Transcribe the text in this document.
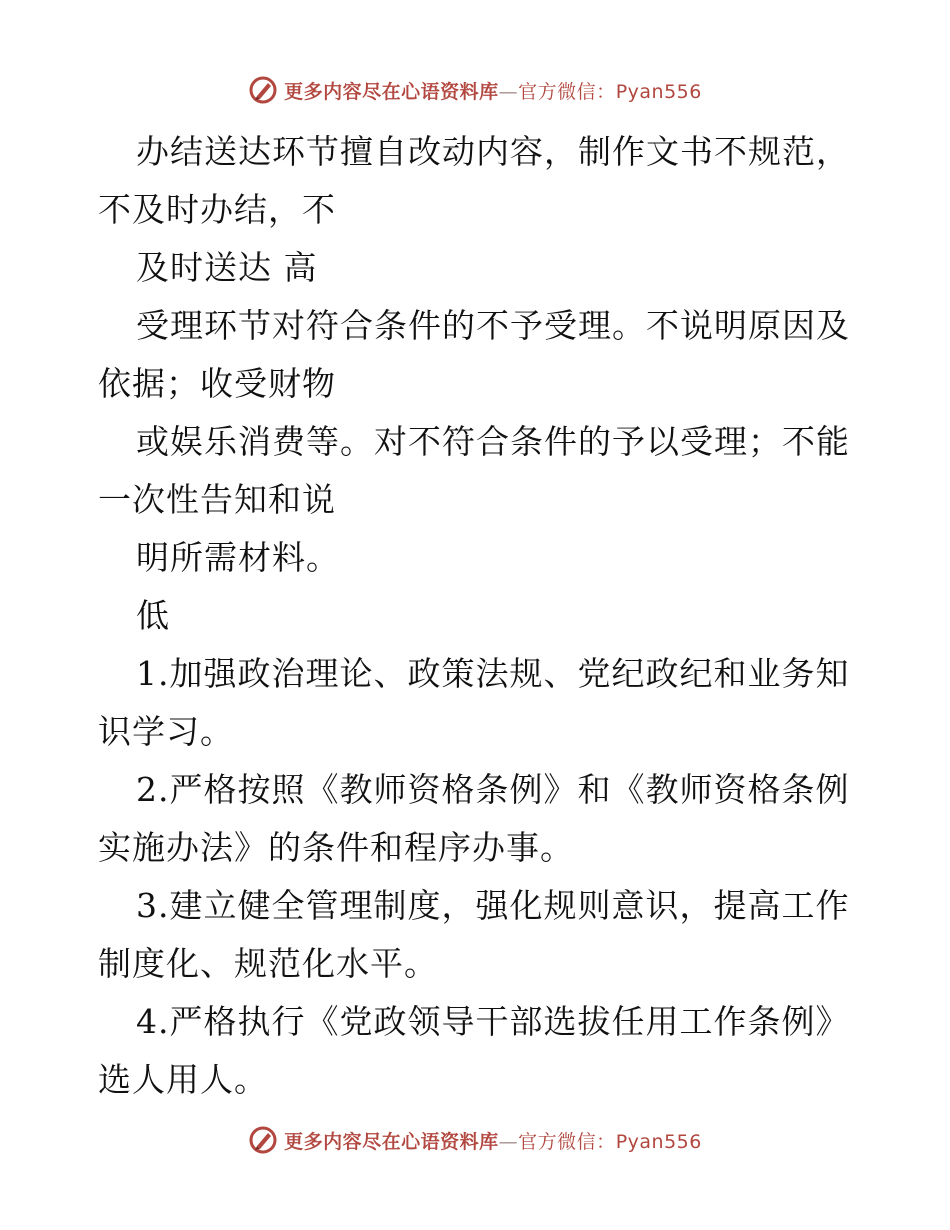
更多内容尽在心语资料库—官方微信：Pyan556
办结送达环节擅自改动内容，制作文书不规范，
不及时办结，不
及时送达 高
受理环节对符合条件的不予受理。不说明原因及
依据；收受财物
或娱乐消费等。对不符合条件的予以受理；不能
一次性告知和说
明所需材料。
低
1.加强政治理论、政策法规、党纪政纪和业务知
识学习。
2.严格按照《教师资格条例》和《教师资格条例
实施办法》的条件和程序办事。
3.建立健全管理制度，强化规则意识，提高工作
制度化、规范化水平。
4.严格执行《党政领导干部选拔任用工作条例》
选人用人。
更多内容尽在心语资料库—官方微信：Pyan556
